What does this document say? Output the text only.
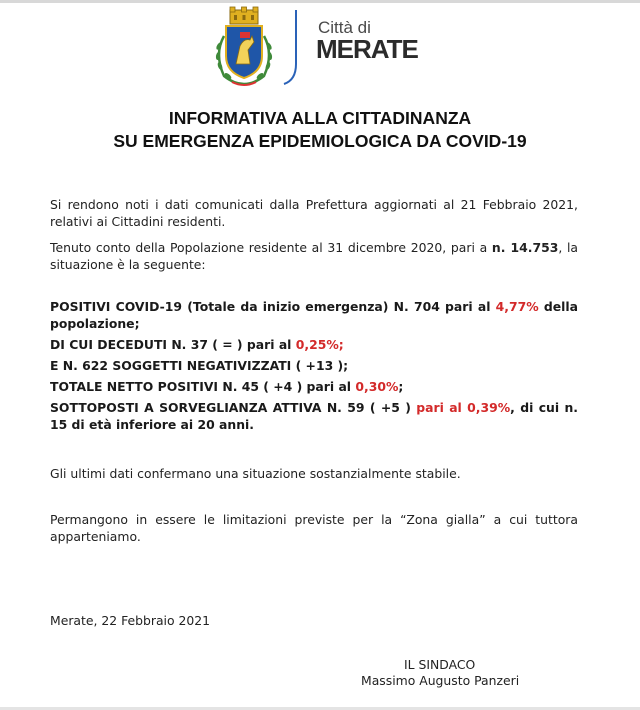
Città di
MERATE
INFORMATIVA ALLA CITTADINANZA
SU EMERGENZA EPIDEMIOLOGICA DA COVID-19
Si rendono noti i dati comunicati dalla Prefettura aggiornati al 21 Febbraio 2021, relativi ai Cittadini residenti.
Tenuto conto della Popolazione residente al 31 dicembre 2020, pari a n. 14.753, la situazione è la seguente:
POSITIVI COVID-19 (Totale da inizio emergenza) N. 704 pari al 4,77% della popolazione;
DI CUI DECEDUTI N. 37 ( = ) pari al 0,25%;
E N. 622 SOGGETTI NEGATIVIZZATI ( +13 );
TOTALE NETTO POSITIVI N. 45 ( +4 ) pari al 0,30%;
SOTTOPOSTI A SORVEGLIANZA ATTIVA N. 59 ( +5 ) pari al 0,39%, di cui n. 15 di età inferiore ai 20 anni.
Gli ultimi dati confermano una situazione sostanzialmente stabile.
Permangono in essere le limitazioni previste per la “Zona gialla” a cui tuttora apparteniamo.
Merate, 22 Febbraio 2021
IL SINDACO
Massimo Augusto Panzeri
